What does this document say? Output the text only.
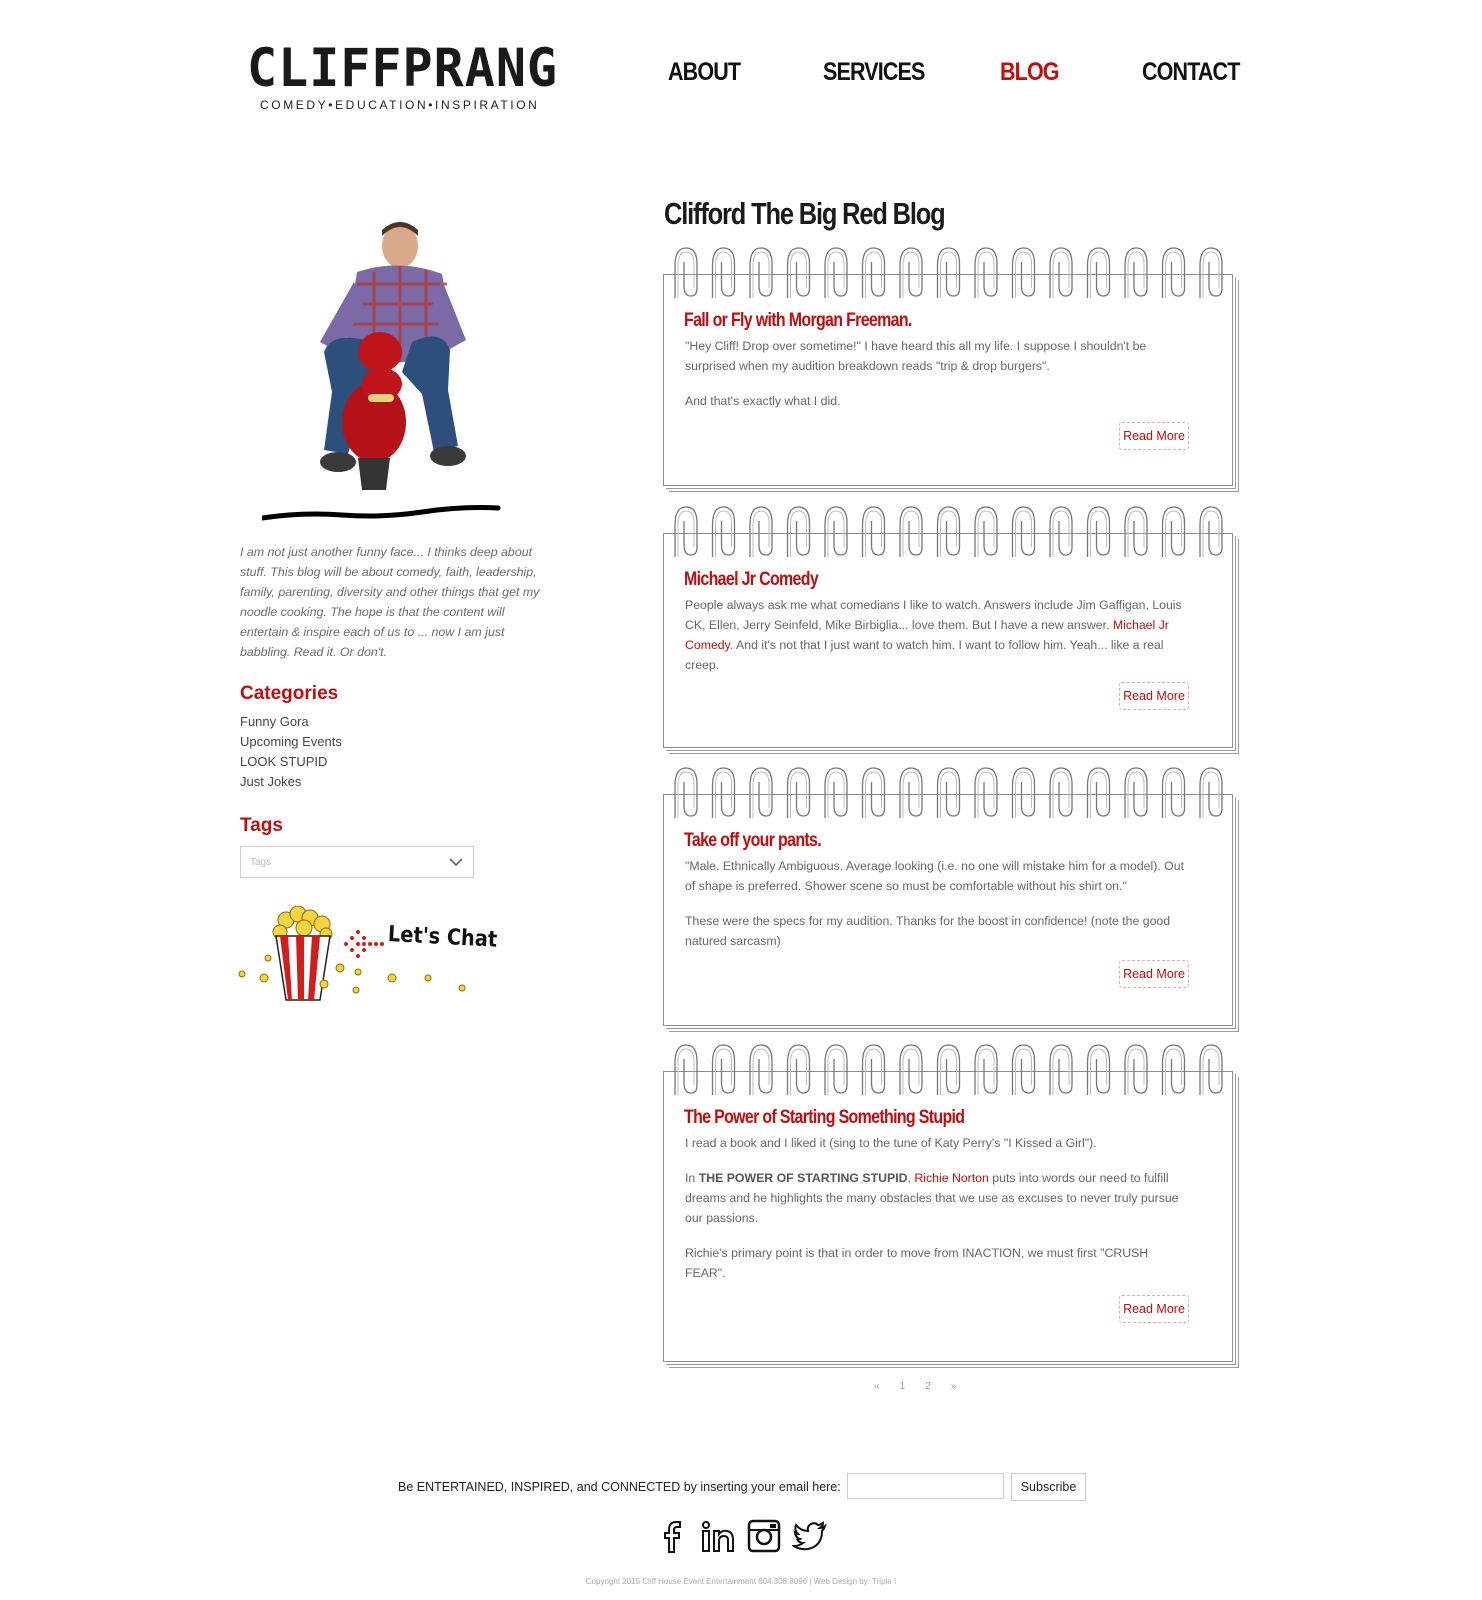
CLIFFPRANG
COMEDY•EDUCATION•INSPIRATION
ABOUT	SERVICES	BLOG	CONTACT
I am not just another funny face... I thinks deep about stuff. This blog will be about comedy, faith, leadership, family, parenting, diversity and other things that get my noodle cooking. The hope is that the content will entertain & inspire each of us to ... now I am just babbling. Read it. Or don't.
Categories
Funny Gora
Upcoming Events
LOOK STUPID
Just Jokes
Tags
Tags
Let's Chat
Clifford The Big Red Blog
Fall or Fly with Morgan Freeman.

"Hey Cliff! Drop over sometime!" I have heard this all my life. I suppose I shouldn't be surprised when my audition breakdown reads "trip & drop burgers".

And that's exactly what I did.

Read More
Michael Jr Comedy

People always ask me what comedians I like to watch. Answers include Jim Gaffigan, Louis CK, Ellen, Jerry Seinfeld, Mike Birbiglia... love them. But I have a new answer. Michael Jr Comedy. And it's not that I just want to watch him. I want to follow him. Yeah... like a real creep.

Read More
Take off your pants.

"Male. Ethnically Ambiguous. Average looking (i.e. no one will mistake him for a model). Out of shape is preferred. Shower scene so must be comfortable without his shirt on."

These were the specs for my audition. Thanks for the boost in confidence! (note the good natured sarcasm)

Read More
The Power of Starting Something Stupid

I read a book and I liked it (sing to the tune of Katy Perry's "I Kissed a Girl").

In THE POWER OF STARTING STUPID, Richie Norton puts into words our need to fulfill dreams and he highlights the many obstacles that we use as excuses to never truly pursue our passions.

Richie's primary point is that in order to move from INACTION, we must first "CRUSH FEAR".

Read More
« 1 2 »
Be ENTERTAINED, INSPIRED, and CONNECTED by inserting your email here:	Subscribe
Copyright 2015 Cliff House Event Entertainment 604.308.8096 | Web Design by: Triple I
